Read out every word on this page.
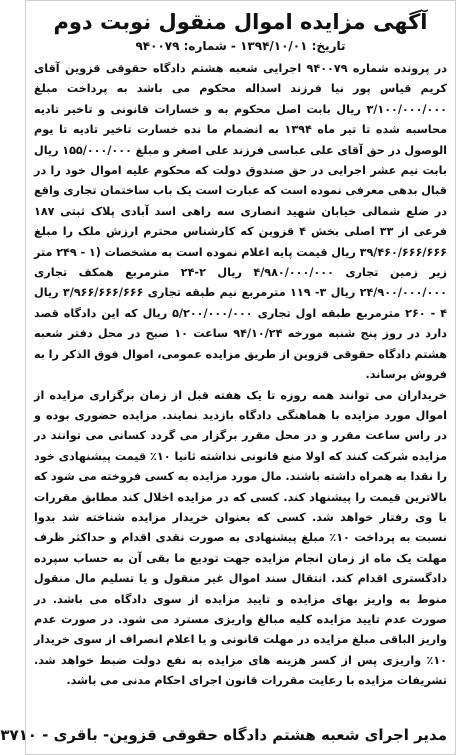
آگهی مزایده اموال منقول نوبت دوم
تاریخ: ۱۳۹۴/۱۰/۰۱ - شماره: ۹۴۰۰۷۹

در پرونده شماره ۹۴۰۰۷۹ اجرایی شعبه هشتم دادگاه حقوقی قزوین آقای کریم قیاس پور نیا فرزند اسداله محکوم می باشد به پرداخت مبلغ ۳/۱۰۰/۰۰۰/۰۰۰ ریال بابت اصل محکوم به و خسارات قانونی و تاخیر تادیه محاسبه شده تا تیر ماه ۱۳۹۴ به انضمام ما نده خسارت تاخیر تادیه تا یوم الوصول در حق آقای علی عباسی فرزند علی اصغر و مبلغ ۱۵۵/۰۰۰/۰۰۰ ریال بابت نیم عشر اجرایی در حق صندوق دولت که محکوم علیه اموال خود را در قبال بدهی معرفی نموده است که عبارت است یک باب ساختمان تجاری واقع در ضلع شمالی خیابان شهید انصاری سه راهی اسد آبادی پلاک ثبتی ۱۸۷ فرعی از ۳۳ اصلی بخش ۴ قزوین که کارشناس محترم ارزش ملک را مبلغ ۳۹/۴۶۰/۶۶۶/۶۶۶ ریال قیمت پایه اعلام نموده است به مشخصات (۱ - ۲۴۹ متر زیر زمین تجاری ۴/۹۸۰/۰۰۰/۰۰۰ ریال ۲-۲۴ مترمربع همکف تجاری ۲۴/۹۰۰/۰۰۰/۰۰۰ ریال ۳- ۱۱۹ مترمربع نیم طبقه تجاری ۳/۹۶۶/۶۶۶/۶۶۶ ریال ۴ - ۲۶۰ مترمربع طبقه اول تجاری ۵/۲۰۰/۰۰۰/۰۰۰ ریال که این دادگاه قصد دارد در روز پنج شنبه مورخه ۹۴/۱۰/۲۴ ساعت ۱۰ صبح در محل دفتر شعبه هشتم دادگاه حقوقی قزوین از طریق مزایده عمومی، اموال فوق الذکر را به فروش برساند.

خریداران می توانند همه روزه تا یک هفته قبل از زمان برگزاری مزایده از اموال مورد مزایده با هماهنگی دادگاه بازدید نمایند. مزایده حضوری بوده و در راس ساعت مقرر و در محل مقرر برگزار می گردد کسانی می توانند در مزایده شرکت کنند که اولا منع قانونی نداشته ثانیا ۱۰٪ قیمت پیشنهادی خود را نقدا به همراه داشته باشند. مال مورد مزایده به کسی فروخته می شود که بالاترین قیمت را پیشنهاد کند. کسی که در مزایده اخلال کند مطابق مقررات با وی رفتار خواهد شد. کسی که بعنوان خریدار مزایده شناخته شد بدوا نسبت به پرداخت ۱۰٪ مبلغ پیشنهادی به صورت نقدی اقدام و حداکثر ظرف مهلت یک ماه از زمان انجام مزایده جهت تودیع ما بقی آن به حساب سپرده دادگستری اقدام کند. انتقال سند اموال غیر منقول و یا تسلیم مال منقول منوط به واریز بهای مزایده و تایید مزایده از سوی دادگاه می باشد. در صورت عدم تایید مزایده کلیه مبالغ واریزی مسترد می شود. در صورت عدم واریز الباقی مبلغ مزایده در مهلت قانونی و یا اعلام انصراف از سوی خریدار ۱۰٪ واریزی پس از کسر هزینه های مزایده به نفع دولت ضبط خواهد شد. تشریفات مزایده با رعایت مقررات قانون اجرای احکام مدنی می باشد.

مدیر اجرای شعبه هشتم دادگاه حقوقی قزوین- باقری - ۳۷۱۰
